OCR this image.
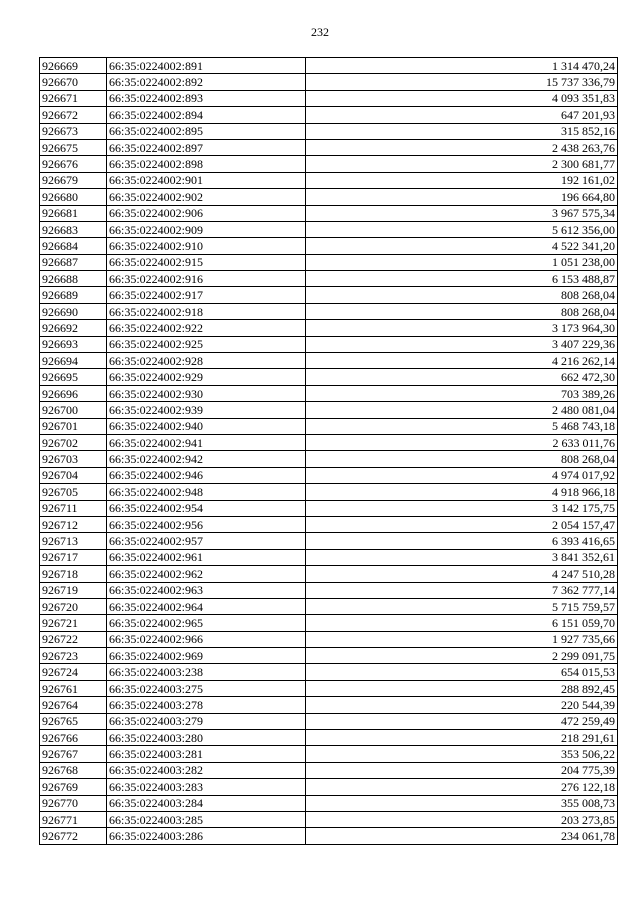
232
926669	66:35:0224002:891	1 314 470,24
926670	66:35:0224002:892	15 737 336,79
926671	66:35:0224002:893	4 093 351,83
926672	66:35:0224002:894	647 201,93
926673	66:35:0224002:895	315 852,16
926675	66:35:0224002:897	2 438 263,76
926676	66:35:0224002:898	2 300 681,77
926679	66:35:0224002:901	192 161,02
926680	66:35:0224002:902	196 664,80
926681	66:35:0224002:906	3 967 575,34
926683	66:35:0224002:909	5 612 356,00
926684	66:35:0224002:910	4 522 341,20
926687	66:35:0224002:915	1 051 238,00
926688	66:35:0224002:916	6 153 488,87
926689	66:35:0224002:917	808 268,04
926690	66:35:0224002:918	808 268,04
926692	66:35:0224002:922	3 173 964,30
926693	66:35:0224002:925	3 407 229,36
926694	66:35:0224002:928	4 216 262,14
926695	66:35:0224002:929	662 472,30
926696	66:35:0224002:930	703 389,26
926700	66:35:0224002:939	2 480 081,04
926701	66:35:0224002:940	5 468 743,18
926702	66:35:0224002:941	2 633 011,76
926703	66:35:0224002:942	808 268,04
926704	66:35:0224002:946	4 974 017,92
926705	66:35:0224002:948	4 918 966,18
926711	66:35:0224002:954	3 142 175,75
926712	66:35:0224002:956	2 054 157,47
926713	66:35:0224002:957	6 393 416,65
926717	66:35:0224002:961	3 841 352,61
926718	66:35:0224002:962	4 247 510,28
926719	66:35:0224002:963	7 362 777,14
926720	66:35:0224002:964	5 715 759,57
926721	66:35:0224002:965	6 151 059,70
926722	66:35:0224002:966	1 927 735,66
926723	66:35:0224002:969	2 299 091,75
926724	66:35:0224003:238	654 015,53
926761	66:35:0224003:275	288 892,45
926764	66:35:0224003:278	220 544,39
926765	66:35:0224003:279	472 259,49
926766	66:35:0224003:280	218 291,61
926767	66:35:0224003:281	353 506,22
926768	66:35:0224003:282	204 775,39
926769	66:35:0224003:283	276 122,18
926770	66:35:0224003:284	355 008,73
926771	66:35:0224003:285	203 273,85
926772	66:35:0224003:286	234 061,78
